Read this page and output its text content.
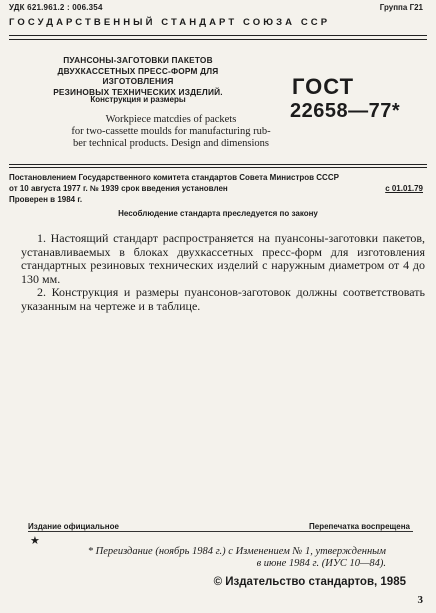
УДК 621.961.2 : 006.354	Группа Г21
ГОСУДАРСТВЕННЫЙ СТАНДАРТ СОЮЗА ССР
ПУАНСОНЫ-ЗАГОТОВКИ ПАКЕТОВ
ДВУХКАССЕТНЫХ ПРЕСС-ФОРМ ДЛЯ ИЗГОТОВЛЕНИЯ
РЕЗИНОВЫХ ТЕХНИЧЕСКИХ ИЗДЕЛИЙ.
Конструкция и размеры
Workpiece matcdies of packets
for two-cassette moulds for manufacturing rub-
ber technical products. Design and dimensions
ГОСТ
22658—77*
Постановлением Государственного комитета стандартов Совета Министров СССР
от 10 августа 1977 г. № 1939 срок введения установлен	с 01.01.79
Проверен в 1984 г.
Несоблюдение стандарта преследуется по закону

1. Настоящий стандарт распространяется на пуансоны-заготовки пакетов, устанавливаемых в блоках двухкассетных пресс-форм для изготовления стандартных резиновых технических изделий с наружным диаметром от 4 до 130 мм.

2. Конструкция и размеры пуансонов-заготовок должны соответствовать указанным на чертеже и в таблице.

Издание официальное	Перепечатка воспрещена
★
* Переиздание (ноябрь 1984 г.) с Изменением № 1, утвержденным
в июне 1984 г. (ИУС 10—84).
© Издательство стандартов, 1985
3
